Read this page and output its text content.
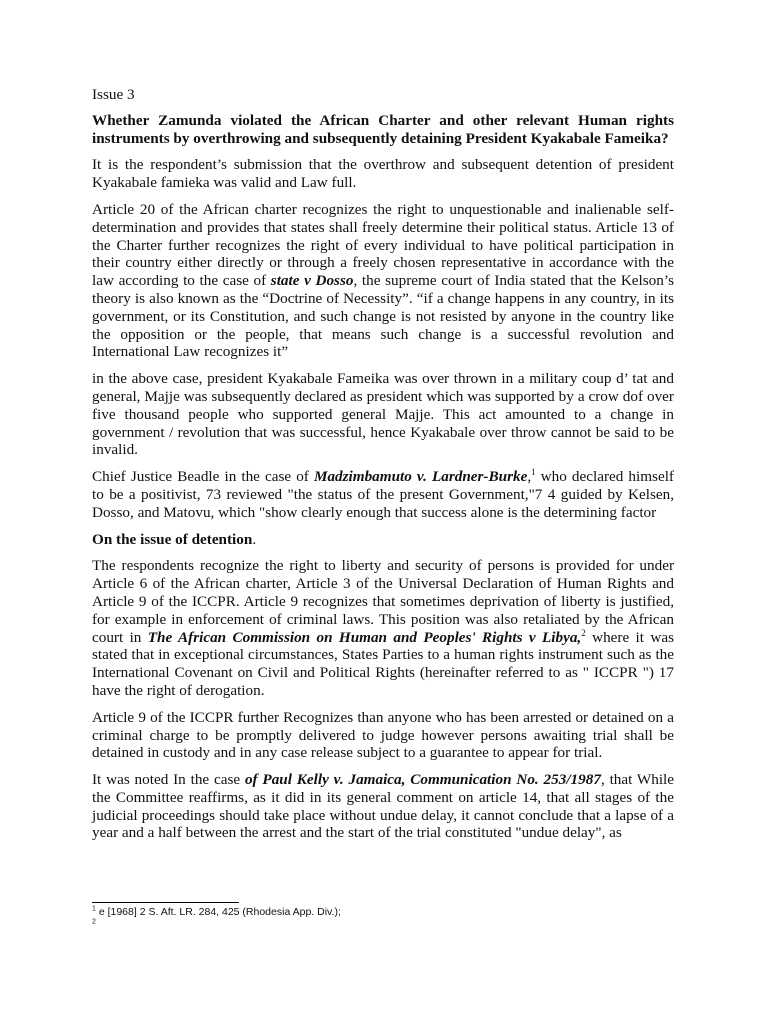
Issue 3

Whether Zamunda violated the African Charter and other relevant Human rights instruments by overthrowing and subsequently detaining President Kyakabale Fameika?

It is the respondent’s submission that the overthrow and subsequent detention of president Kyakabale famieka was valid and Law full.

Article 20 of the African charter recognizes the right to unquestionable and inalienable self-determination and provides that states shall freely determine their political status. Article 13 of the Charter further recognizes the right of every individual to have political participation in their country either directly or through a freely chosen representative in accordance with the law according to the case of state v Dosso, the supreme court of India stated that the Kelson’s theory is also known as the “Doctrine of Necessity”. “if a change happens in any country, in its government, or its Constitution, and such change is not resisted by anyone in the country like the opposition or the people, that means such change is a successful revolution and International Law recognizes it”

in the above case, president Kyakabale Fameika was over thrown in a military coup d’ tat and general, Majje was subsequently declared as president which was supported by a crow dof over five thousand people who supported general Majje. This act amounted to a change in government / revolution that was successful, hence Kyakabale over throw cannot be said to be invalid.

Chief Justice Beadle in the case of Madzimbamuto v. Lardner-Burke,$^1$ who declared himself to be a positivist, 73 reviewed "the status of the present Government,"7 4 guided by Kelsen, Dosso, and Matovu, which "show clearly enough that success alone is the determining factor

On the issue of detention.

The respondents recognize the right to liberty and security of persons is provided for under Article 6 of the African charter, Article 3 of the Universal Declaration of Human Rights and Article 9 of the ICCPR. Article 9 recognizes that sometimes deprivation of liberty is justified, for example in enforcement of criminal laws. This position was also retaliated by the African court in The African Commission on Human and Peoples' Rights v Libya,$^2$ where it was stated that in exceptional circumstances, States Parties to a human rights instrument such as the International Covenant on Civil and Political Rights (hereinafter referred to as " ICCPR ") 17 have the right of derogation.

Article 9 of the ICCPR further Recognizes than anyone who has been arrested or detained on a criminal charge to be promptly delivered to judge however persons awaiting trial shall be detained in custody and in any case release subject to a guarantee to appear for trial.

It was noted In the case of Paul Kelly v. Jamaica, Communication No. 253/1987, that While the Committee reaffirms, as it did in its general comment on article 14, that all stages of the judicial proceedings should take place without undue delay, it cannot conclude that a lapse of a year and a half between the arrest and the start of the trial constituted "undue delay", as

$^1$ e [1968] 2 S. Aft. LR. 284, 425 (Rhodesia App. Div.);
$^2$
